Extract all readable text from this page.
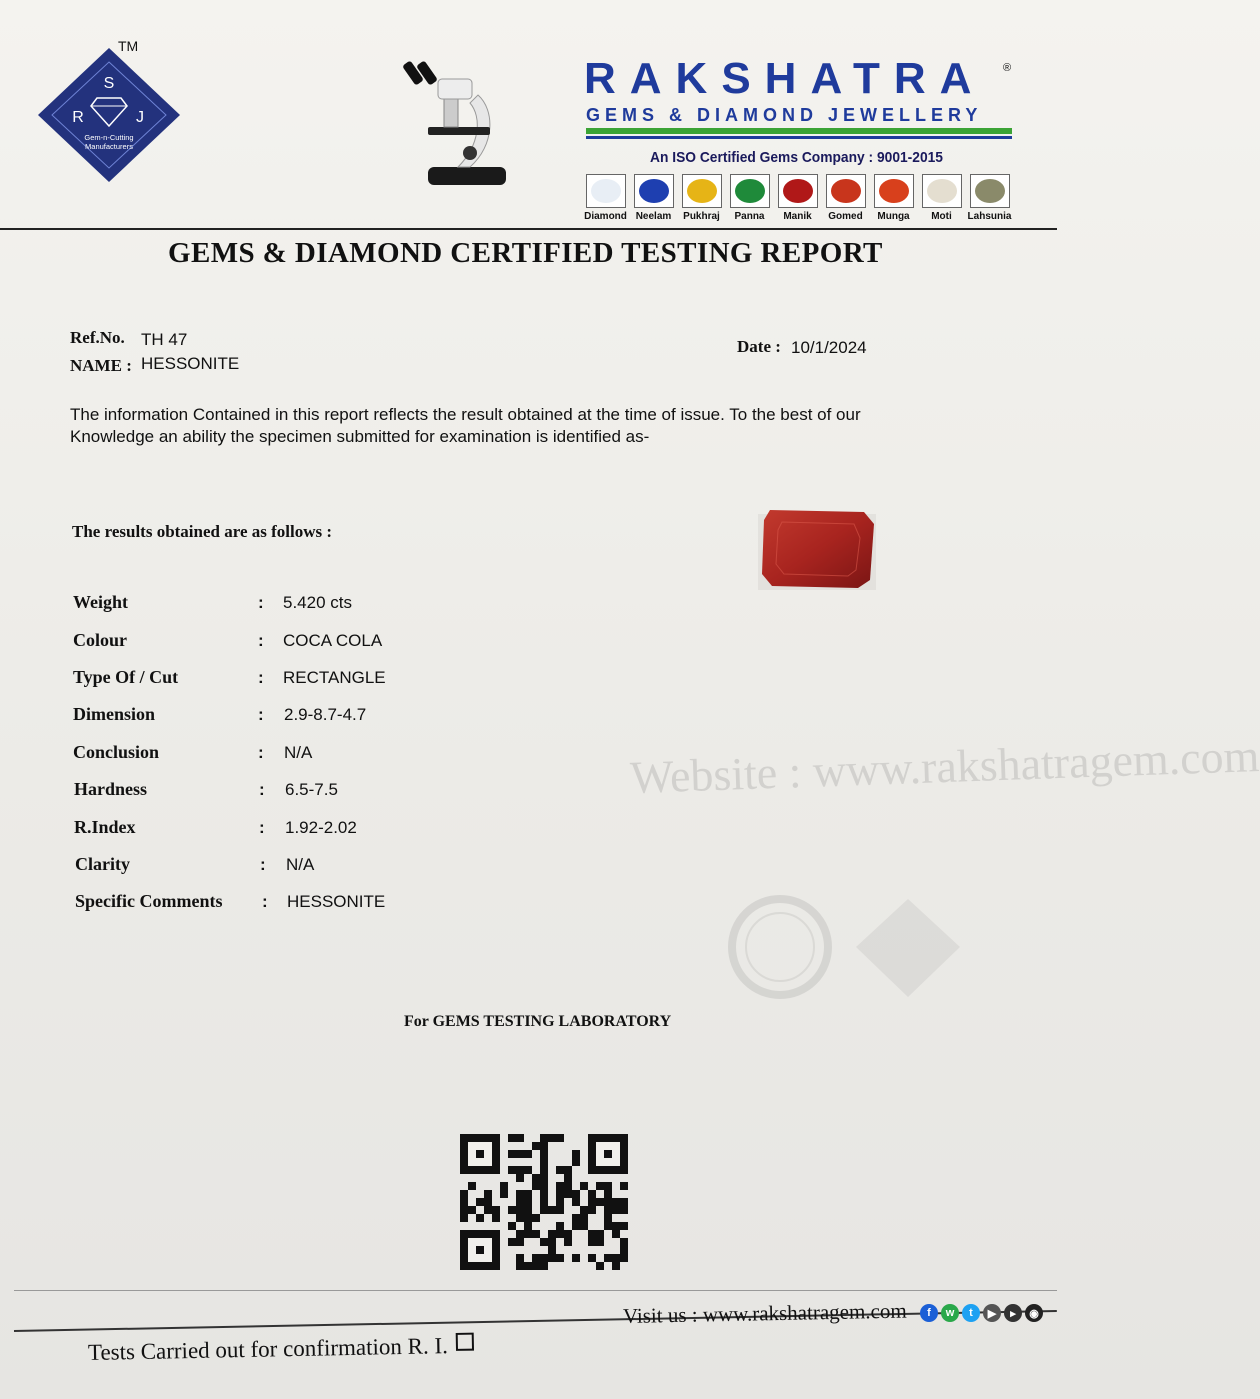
TM
S
R	J
Gem-n-Cutting
Manufacturers
RAKSHATRA ®
GEMS & DIAMOND JEWELLERY
An ISO Certified Gems Company : 9001-2015
Diamond Neelam Pukhraj Panna Manik Gomed Munga Moti Lahsunia
GEMS & DIAMOND CERTIFIED TESTING REPORT

Ref.No. TH 47
NAME : HESSONITE
Date : 10/1/2024
The information Contained in this report reflects the result obtained at the time of issue. To the best of our
Knowledge an ability the specimen submitted for examination is identified as-
The results obtained are as follows :
Weight	: 5.420 cts
Colour	: COCA COLA
Type Of / Cut	: RECTANGLE
Dimension	: 2.9-8.7-4.7
Conclusion	: N/A
Hardness	: 6.5-7.5
R.Index	: 1.92-2.02
Clarity	: N/A
Specific Comments : HESSONITE
Website : www.rakshatragem.com
For GEMS TESTING LABORATORY
Tests Carried out for confirmation R. I.
Visit us : www.rakshatragem.com	f	w	t	▶	▸	◉
